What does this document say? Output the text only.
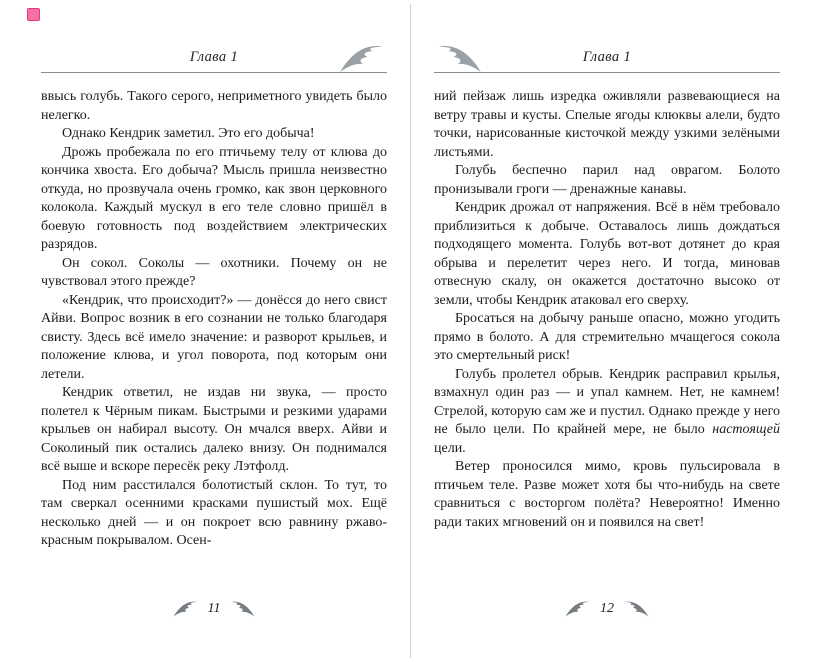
Глава 1

ввысь голубь. Такого серого, неприметного увидеть было нелегко.

Однако Кендрик заметил. Это его добыча!

Дрожь пробежала по его птичьему телу от клюва до кончика хвоста. Его добыча? Мысль пришла неизвестно откуда, но прозвучала очень громко, как звон церковного колокола. Каждый мускул в его теле словно пришёл в боевую готовность под воздействием электрических разрядов.

Он сокол. Соколы — охотники. Почему он не чувствовал этого прежде?

«Кендрик, что происходит?» — донёсся до него свист Айви. Вопрос возник в его сознании не только благодаря свисту. Здесь всё имело значение: и разворот крыльев, и положение клюва, и угол поворота, под которым они летели.

Кендрик ответил, не издав ни звука, — просто полетел к Чёрным пикам. Быстрыми и резкими ударами крыльев он набирал высоту. Он мчался вверх. Айви и Соколиный пик остались далеко внизу. Он поднимался всё выше и вскоре пересёк реку Лэтфолд.

Под ним расстилался болотистый склон. То тут, то там сверкал осенними красками пушистый мох. Ещё несколько дней — и он покроет всю равнину ржаво-красным покрывалом. Осен-

11
Глава 1

ний пейзаж лишь изредка оживляли развевающиеся на ветру травы и кусты. Спелые ягоды клюквы алели, будто точки, нарисованные кисточкой между узкими зелёными листьями.

Голубь беспечно парил над оврагом. Болото пронизывали гроги — дренажные канавы.

Кендрик дрожал от напряжения. Всё в нём требовало приблизиться к добыче. Оставалось лишь дождаться подходящего момента. Голубь вот-вот дотянет до края обрыва и перелетит через него. И тогда, миновав отвесную скалу, он окажется достаточно высоко от земли, чтобы Кендрик атаковал его сверху.

Бросаться на добычу раньше опасно, можно угодить прямо в болото. А для стремительно мчащегося сокола это смертельный риск!

Голубь пролетел обрыв. Кендрик расправил крылья, взмахнул один раз — и упал камнем. Нет, не камнем! Стрелой, которую сам же и пустил. Однако прежде у него не было цели. По крайней мере, не было настоящей цели.

Ветер проносился мимо, кровь пульсировала в птичьем теле. Разве может хотя бы что-нибудь на свете сравниться с восторгом полёта? Невероятно! Именно ради таких мгновений он и появился на свет!

12
